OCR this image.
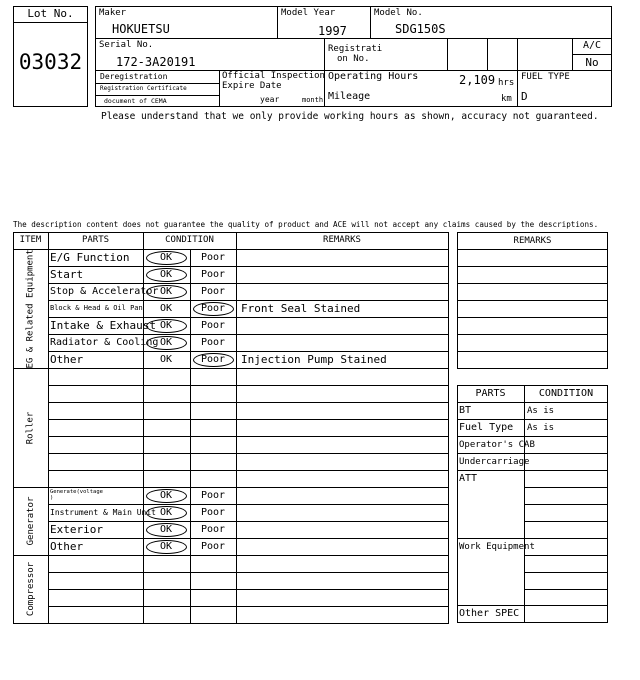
Lot No.
03032
Maker
HOKUETSU
Model Year
1997
Model No.
SDG150S
Serial No.
172-3A20191
Registrati
on No.
A/C
No
Deregistration
Registration Certificate
document of CEMA
Official Inspection
Expire Date
year	month
Operating Hours	2,109 hrs
Mileage	km
FUEL TYPE
D
Please understand that we only provide working hours as shown, accuracy not guaranteed.
The description content does not guarantee the quality of product and ACE will not accept any claims caused by the descriptions.
ITEM	PARTS	CONDITION	REMARKS
EG & Related Equipment E/G Function	OK	Poor
Start	OK	Poor
Stop & Accelerator OK	Poor
Block & Head & Oil Pan	OK	Poor	Front Seal Stained
Intake & Exhaust OK	Poor
Radiator & Cooling OK	Poor
Other	OK	Poor	Injection Pump Stained
Roller
Generator
Generate(voltage
)	OK	Poor
Instrument & Main Unit OK	Poor
Exterior	OK	Poor
Other	OK	Poor
Compressor
REMARKS
PARTS	CONDITION
BT	As is
Fuel Type As is
Operator's CAB
Undercarriage
ATT
Work Equipment
Other SPEC
